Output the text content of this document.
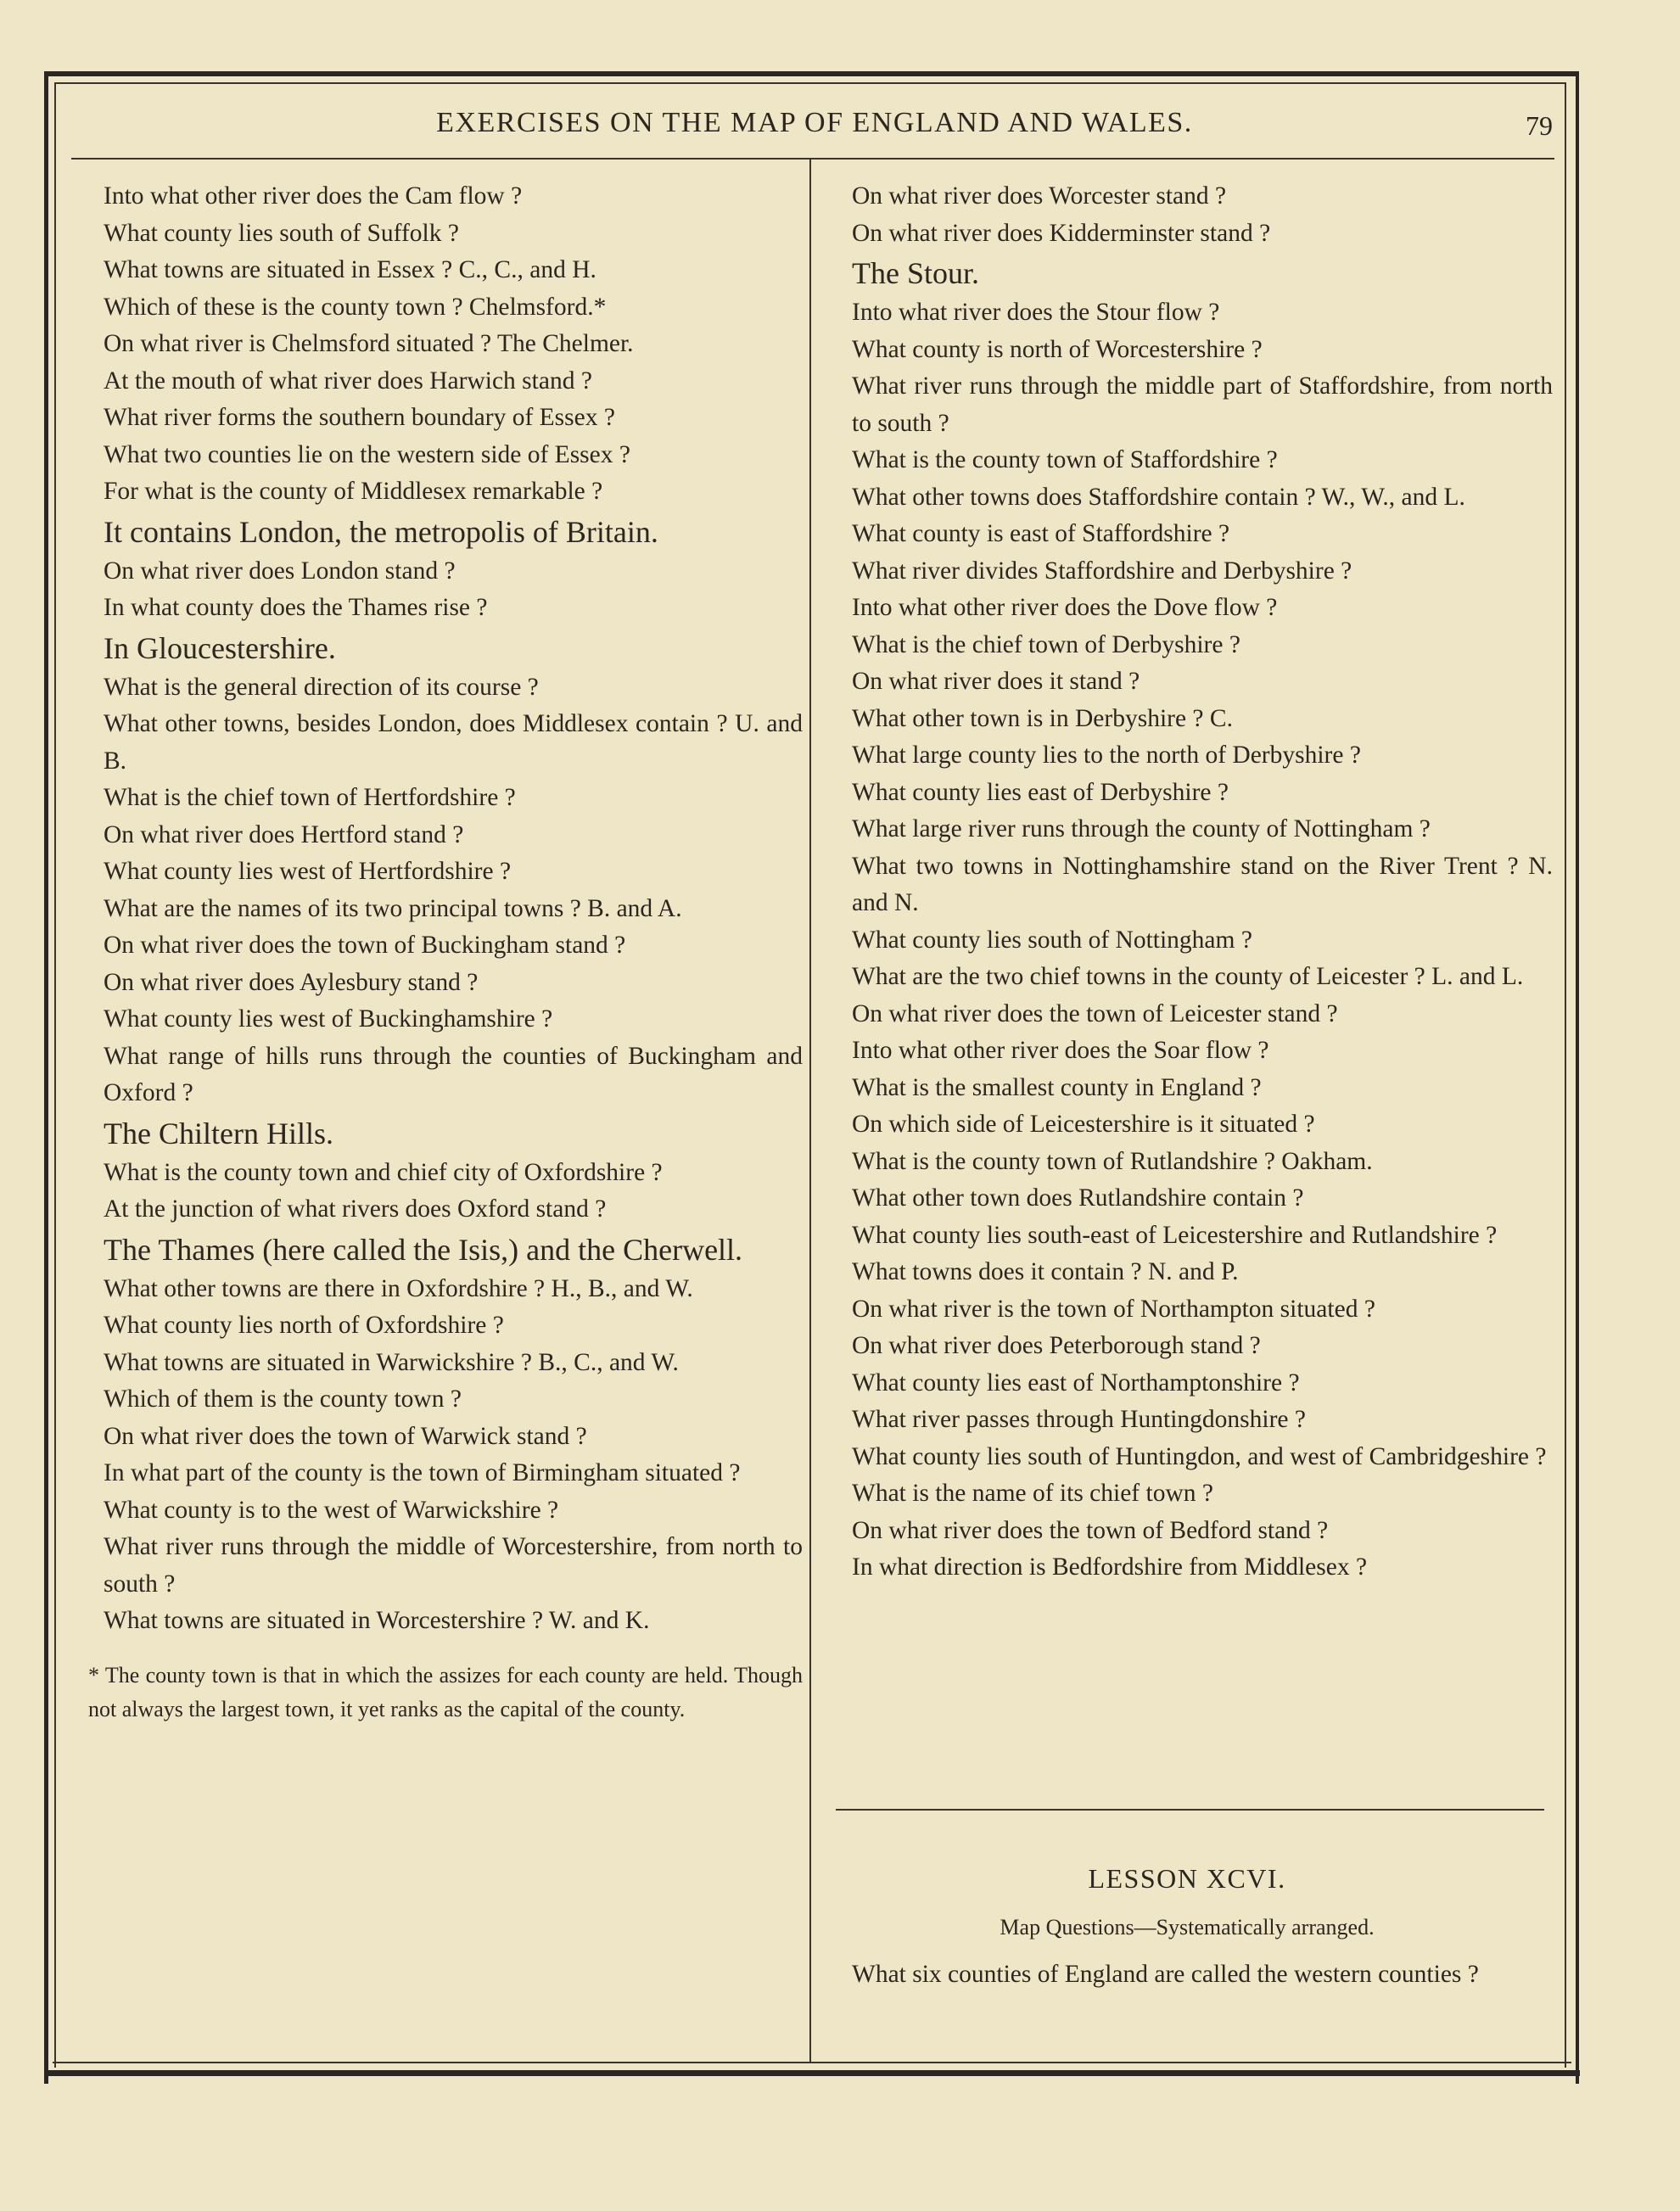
EXERCISES ON THE MAP OF ENGLAND AND WALES.	79
Into what other river does the Cam flow ?
What county lies south of Suffolk ?
What towns are situated in Essex ? C., C., and H.
Which of these is the county town ? Chelmsford.*
On what river is Chelmsford situated ? The Chelmer.
At the mouth of what river does Harwich stand ?
What river forms the southern boundary of Essex ?
What two counties lie on the western side of Essex ?
For what is the county of Middlesex remarkable ?
It contains London, the metropolis of Britain.
On what river does London stand ?
In what county does the Thames rise ?
In Gloucestershire.
What is the general direction of its course ?
What other towns, besides London, does Middlesex contain ? U. and B.
What is the chief town of Hertfordshire ?
On what river does Hertford stand ?
What county lies west of Hertfordshire ?
What are the names of its two principal towns ? B. and A.
On what river does the town of Buckingham stand ?
On what river does Aylesbury stand ?
What county lies west of Buckinghamshire ?
What range of hills runs through the counties of Buckingham and Oxford ?
The Chiltern Hills.
What is the county town and chief city of Oxfordshire ?
At the junction of what rivers does Oxford stand ?
The Thames (here called the Isis,) and the Cherwell.
What other towns are there in Oxfordshire ? H., B., and W.
What county lies north of Oxfordshire ?
What towns are situated in Warwickshire ? B., C., and W.
Which of them is the county town ?
On what river does the town of Warwick stand ?
In what part of the county is the town of Birmingham situated ?
What county is to the west of Warwickshire ?
What river runs through the middle of Worcestershire, from north to south ?
What towns are situated in Worcestershire ? W. and K.
* The county town is that in which the assizes for each county are held. Though not always the largest town, it yet ranks as the capital of the county.
On what river does Worcester stand ?
On what river does Kidderminster stand ?
The Stour.
Into what river does the Stour flow ?
What county is north of Worcestershire ?
What river runs through the middle part of Staffordshire, from north to south ?
What is the county town of Staffordshire ?
What other towns does Staffordshire contain ? W., W., and L.
What county is east of Staffordshire ?
What river divides Staffordshire and Derbyshire ?
Into what other river does the Dove flow ?
What is the chief town of Derbyshire ?
On what river does it stand ?
What other town is in Derbyshire ? C.
What large county lies to the north of Derbyshire ?
What county lies east of Derbyshire ?
What large river runs through the county of Nottingham ?
What two towns in Nottinghamshire stand on the River Trent ? N. and N.
What county lies south of Nottingham ?
What are the two chief towns in the county of Leicester ? L. and L.
On what river does the town of Leicester stand ?
Into what other river does the Soar flow ?
What is the smallest county in England ?
On which side of Leicestershire is it situated ?
What is the county town of Rutlandshire ? Oakham.
What other town does Rutlandshire contain ?
What county lies south-east of Leicestershire and Rutlandshire ?
What towns does it contain ? N. and P.
On what river is the town of Northampton situated ?
On what river does Peterborough stand ?
What county lies east of Northamptonshire ?
What river passes through Huntingdonshire ?
What county lies south of Huntingdon, and west of Cambridgeshire ?
What is the name of its chief town ?
On what river does the town of Bedford stand ?
In what direction is Bedfordshire from Middlesex ?
LESSON XCVI.
Map Questions—Systematically arranged.
What six counties of England are called the western counties ?
